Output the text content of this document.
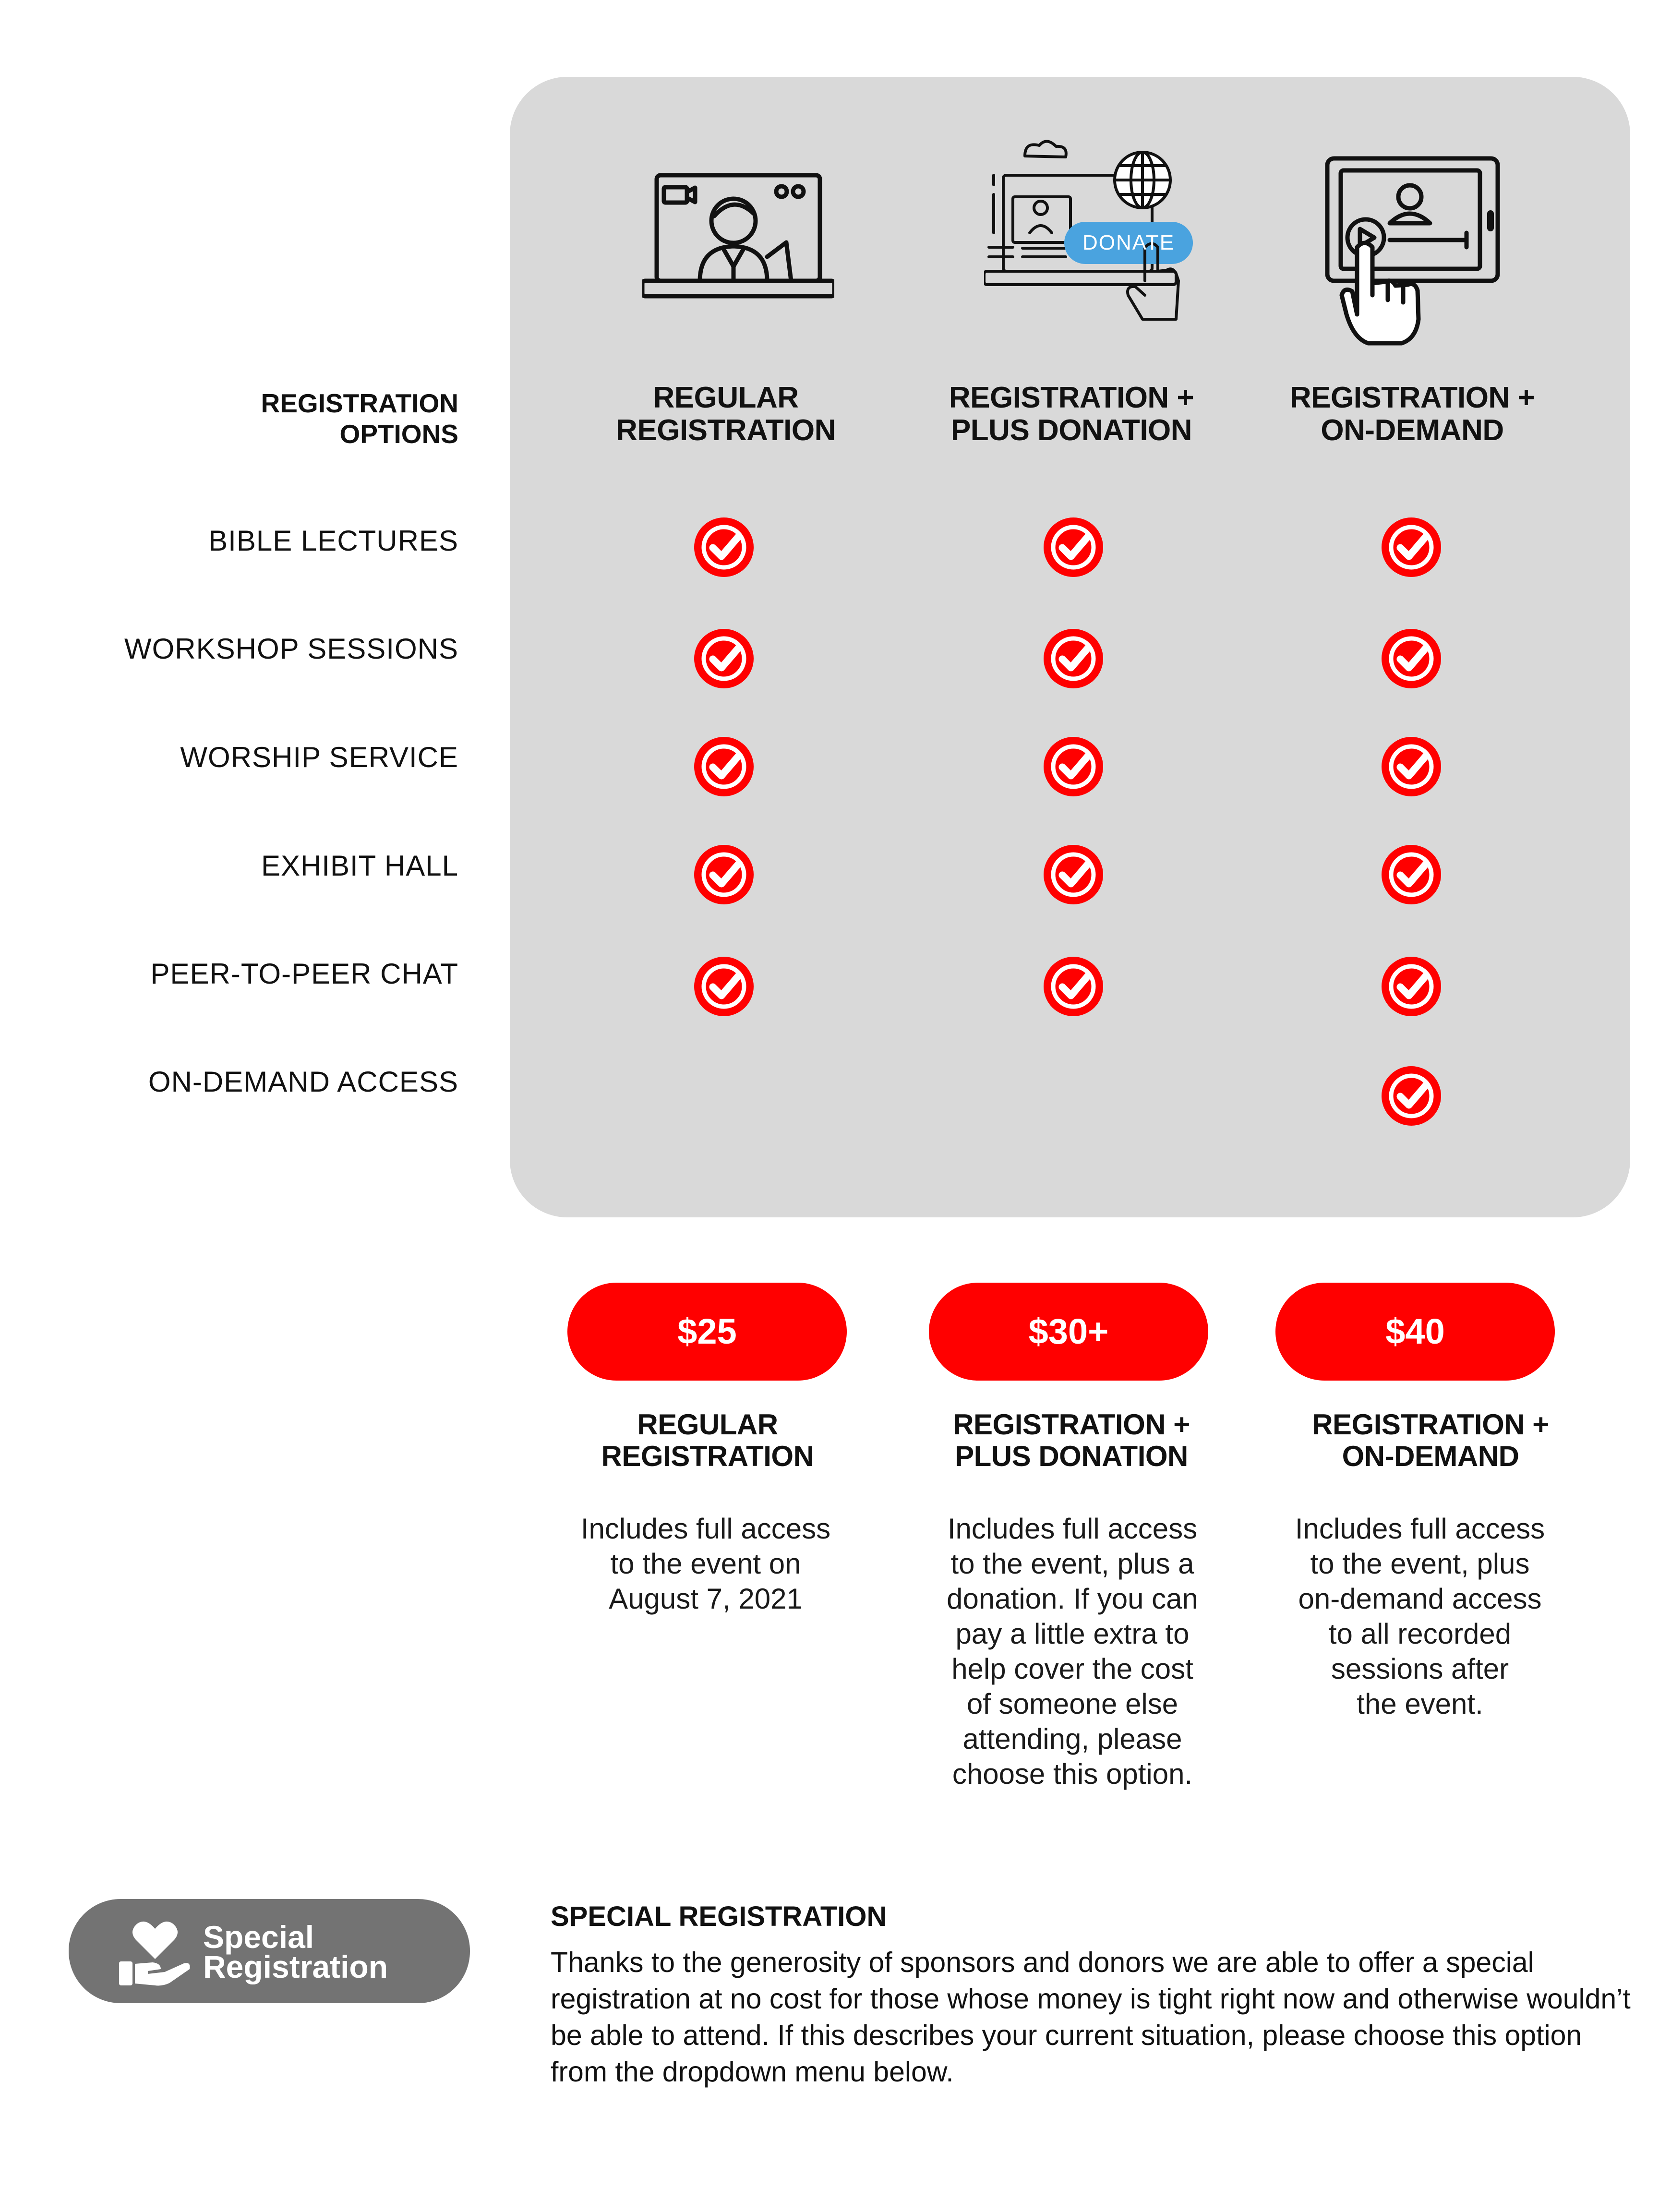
DONATE
REGISTRATION
OPTIONS
REGULAR
REGISTRATION
REGISTRATION +
PLUS DONATION
REGISTRATION +
ON-DEMAND
BIBLE LECTURES
WORKSHOP SESSIONS
WORSHIP SERVICE
EXHIBIT HALL
PEER-TO-PEER CHAT
ON-DEMAND ACCESS
$25	$30+	$40
REGULAR
REGISTRATION
REGISTRATION +
PLUS DONATION
REGISTRATION +
ON-DEMAND
Includes full access
to the event on
August 7, 2021
Includes full access
to the event, plus a
donation. If you can
pay a little extra to
help cover the cost
of someone else
attending, please
choose this option.
Includes full access
to the event, plus
on-demand access
to all recorded
sessions after
the event.
Special
Registration
SPECIAL REGISTRATION
Thanks to the generosity of sponsors and donors we are able to offer a special registration at no cost for those whose money is tight right now and otherwise wouldn’t be able to attend. If this describes your current situation, please choose this option from the dropdown menu below.
